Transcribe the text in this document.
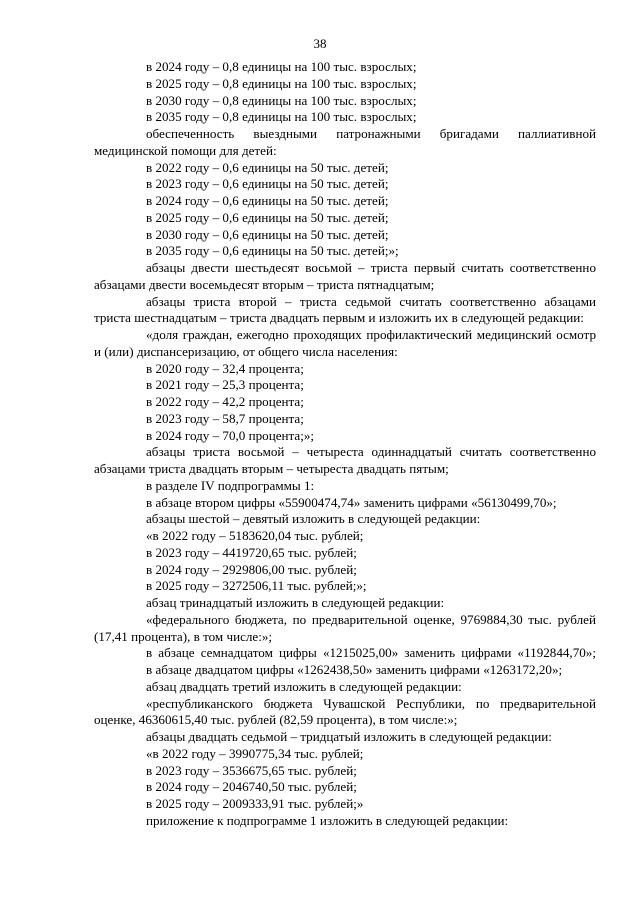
38

в 2024 году – 0,8 единицы на 100 тыс. взрослых;

в 2025 году – 0,8 единицы на 100 тыс. взрослых;

в 2030 году – 0,8 единицы на 100 тыс. взрослых;

в 2035 году – 0,8 единицы на 100 тыс. взрослых;

обеспеченность выездными патронажными бригадами паллиативной медицинской помощи для детей:

в 2022 году – 0,6 единицы на 50 тыс. детей;

в 2023 году – 0,6 единицы на 50 тыс. детей;

в 2024 году – 0,6 единицы на 50 тыс. детей;

в 2025 году – 0,6 единицы на 50 тыс. детей;

в 2030 году – 0,6 единицы на 50 тыс. детей;

в 2035 году – 0,6 единицы на 50 тыс. детей;»;

абзацы двести шестьдесят восьмой – триста первый считать соответственно абзацами двести восемьдесят вторым – триста пятнадцатым;

абзацы триста второй – триста седьмой считать соответственно абзацами триста шестнадцатым – триста двадцать первым и изложить их в следующей редакции:

«доля граждан, ежегодно проходящих профилактический медицинский осмотр и (или) диспансеризацию, от общего числа населения:

в 2020 году – 32,4 процента;

в 2021 году – 25,3 процента;

в 2022 году – 42,2 процента;

в 2023 году – 58,7 процента;

в 2024 году – 70,0 процента;»;

абзацы триста восьмой – четыреста одиннадцатый считать соответственно абзацами триста двадцать вторым – четыреста двадцать пятым;

в разделе IV подпрограммы 1:

в абзаце втором цифры «55900474,74» заменить цифрами «56130499,70»;

абзацы шестой – девятый изложить в следующей редакции:

«в 2022 году – 5183620,04 тыс. рублей;

в 2023 году – 4419720,65 тыс. рублей;

в 2024 году – 2929806,00 тыс. рублей;

в 2025 году – 3272506,11 тыс. рублей;»;

абзац тринадцатый изложить в следующей редакции:

«федерального бюджета, по предварительной оценке, 9769884,30 тыс. рублей (17,41 процента), в том числе:»;

в абзаце семнадцатом цифры «1215025,00» заменить цифрами «1192844,70»;

в абзаце двадцатом цифры «1262438,50» заменить цифрами «1263172,20»;

абзац двадцать третий изложить в следующей редакции:

«республиканского бюджета Чувашской Республики, по предварительной оценке, 46360615,40 тыс. рублей (82,59 процента), в том числе:»;

абзацы двадцать седьмой – тридцатый изложить в следующей редакции:

«в 2022 году – 3990775,34 тыс. рублей;

в 2023 году – 3536675,65 тыс. рублей;

в 2024 году – 2046740,50 тыс. рублей;

в 2025 году – 2009333,91 тыс. рублей;»

приложение к подпрограмме 1 изложить в следующей редакции:
